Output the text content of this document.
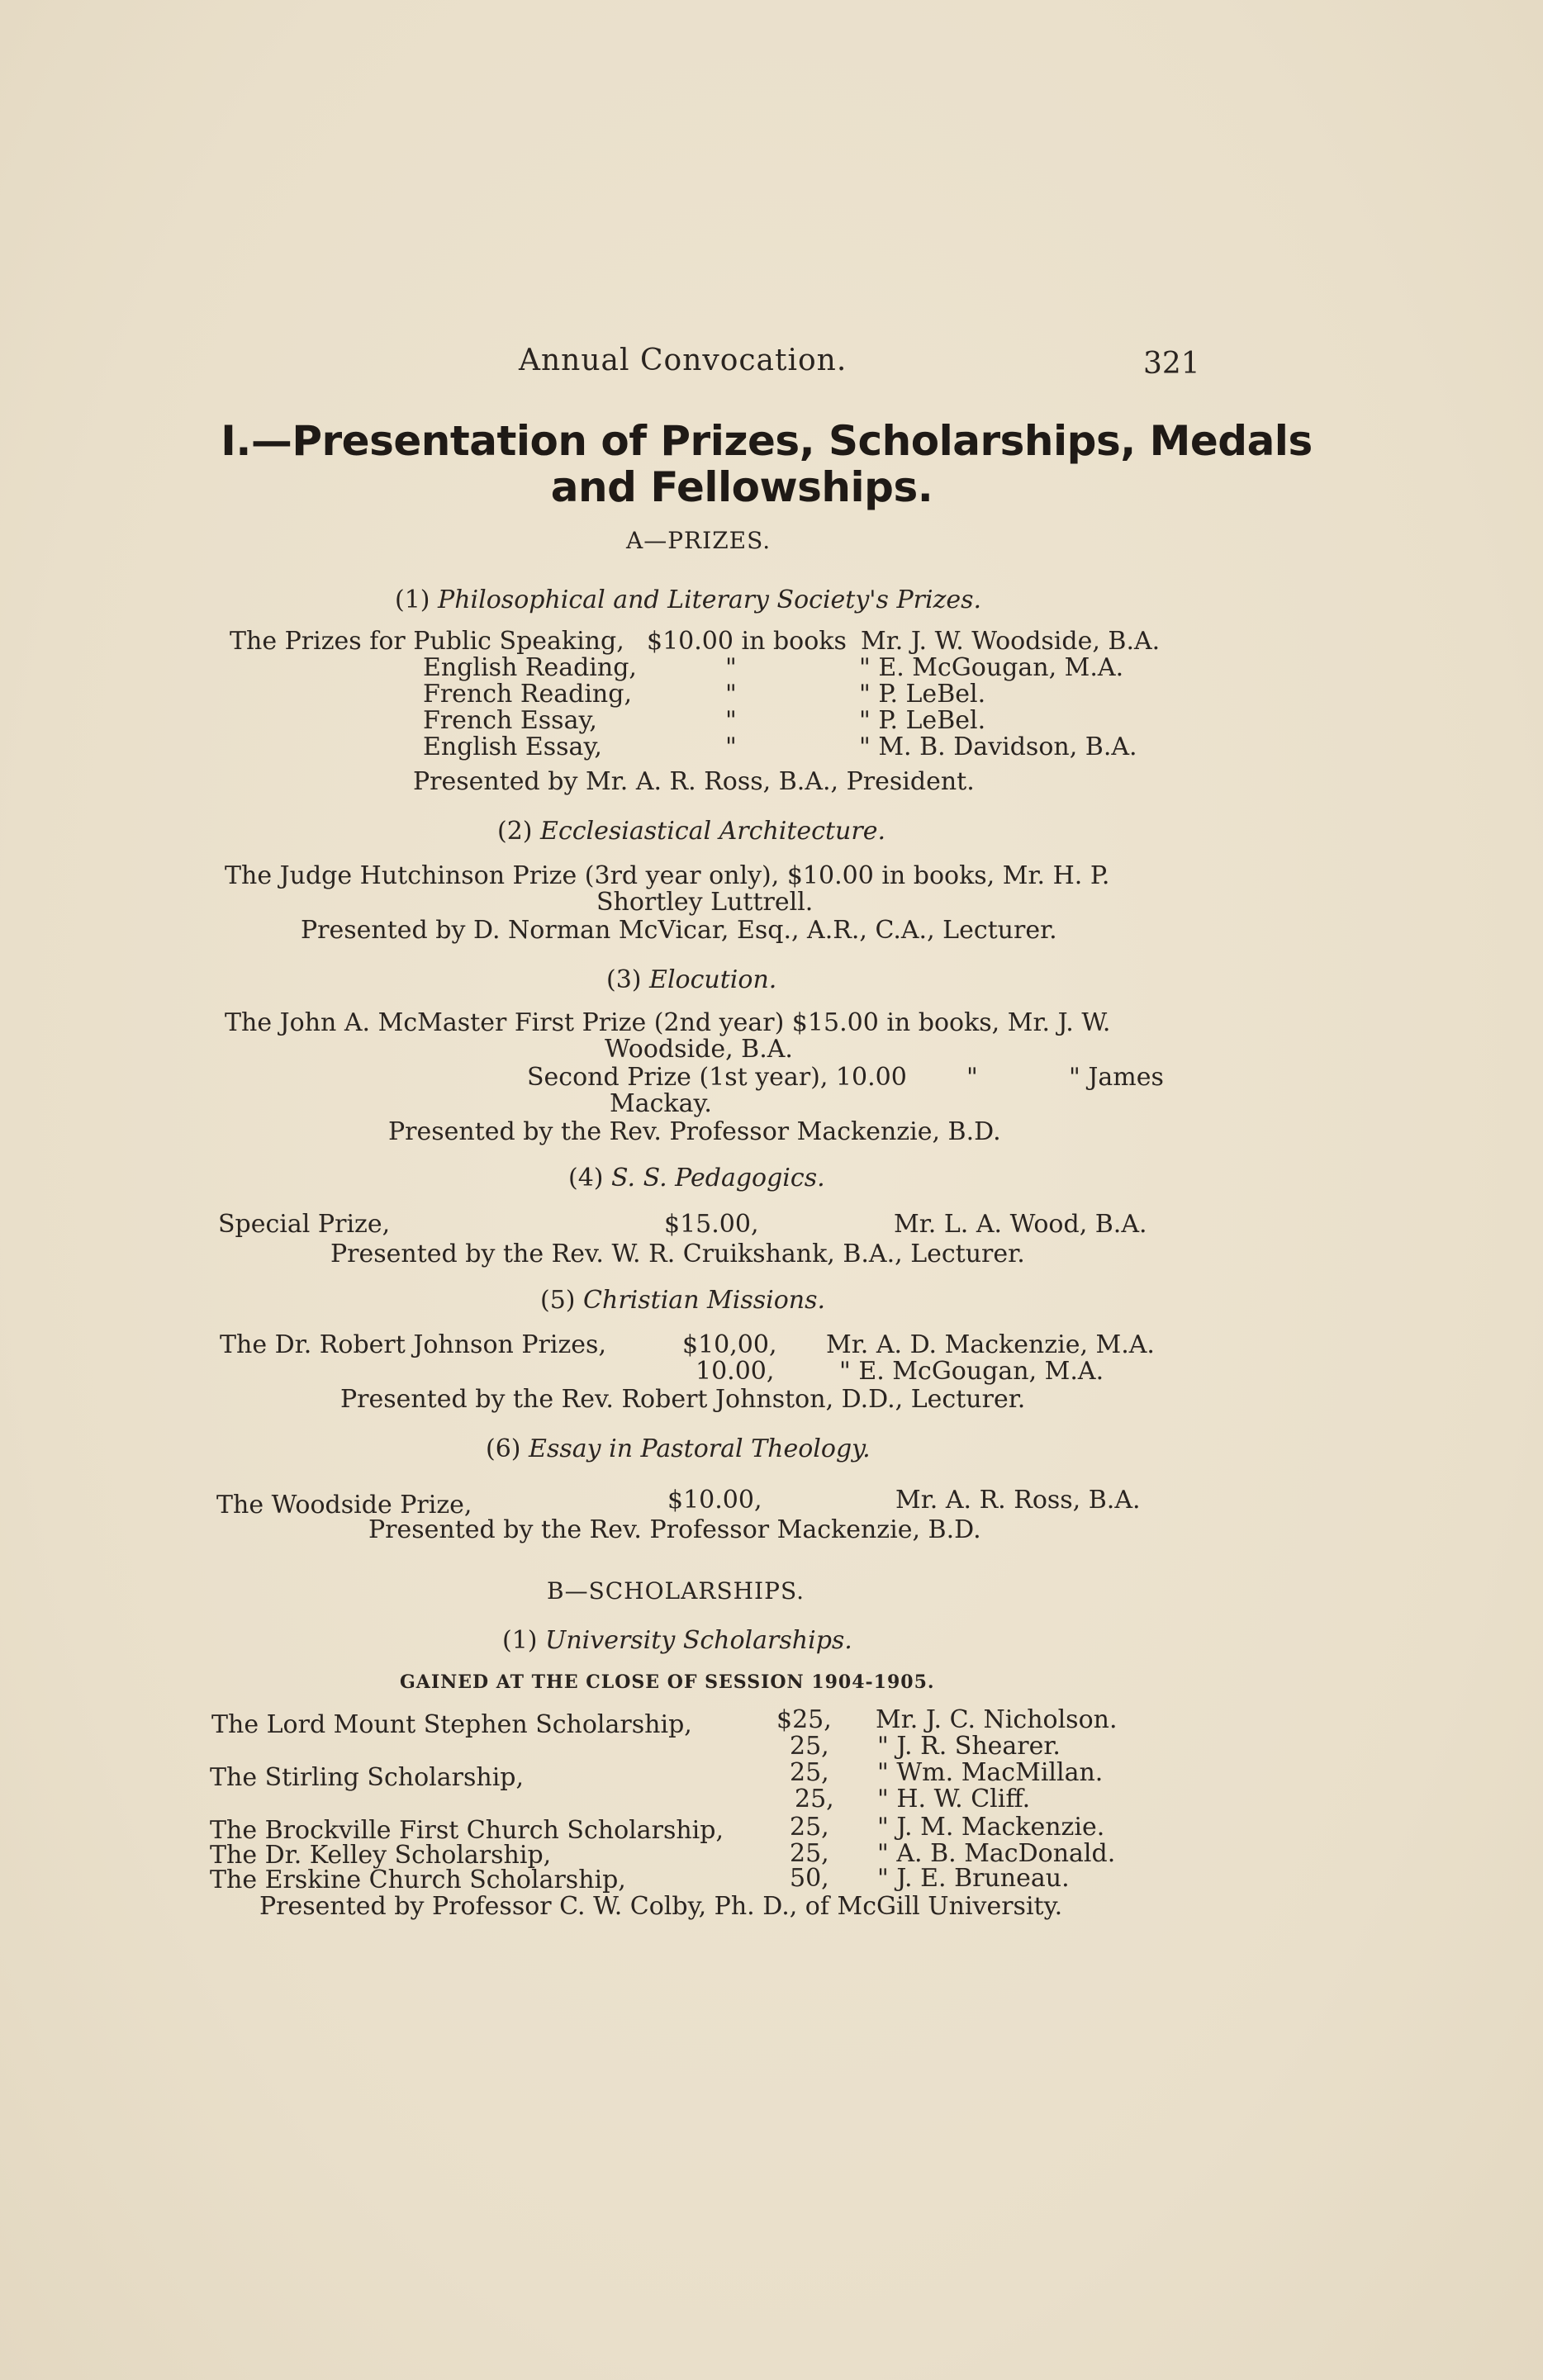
Annual Convocation.	321
I.—Presentation of Prizes, Scholarships, Medals
and Fellowships.
A—PRIZES.
(1) Philosophical and Literary Society's Prizes.
The Prizes for Public Speaking, $10.00 in books Mr. J. W. Woodside, B.A.
English Reading,	"	" E. McGougan, M.A.
French Reading,	"	" P. LeBel.
French Essay,	"	" P. LeBel.
English Essay,	"	" M. B. Davidson, B.A.
Presented by Mr. A. R. Ross, B.A., President.
(2) Ecclesiastical Architecture.
The Judge Hutchinson Prize (3rd year only), $10.00 in books, Mr. H. P.
Shortley Luttrell.
Presented by D. Norman McVicar, Esq., A.R., C.A., Lecturer.
(3) Elocution.
The John A. McMaster First Prize (2nd year) $15.00 in books, Mr. J. W.
Woodside, B.A.
Second Prize (1st year), 10.00 "	" James
Mackay.
Presented by the Rev. Professor Mackenzie, B.D.
(4) S. S. Pedagogics.
Special Prize,	$15.00,	Mr. L. A. Wood, B.A.
Presented by the Rev. W. R. Cruikshank, B.A., Lecturer.
(5) Christian Missions.
The Dr. Robert Johnson Prizes,	$10,00, Mr. A. D. Mackenzie, M.A.
10.00,	" E. McGougan, M.A.
Presented by the Rev. Robert Johnston, D.D., Lecturer.
(6) Essay in Pastoral Theology.
The Woodside Prize,	$10.00,	Mr. A. R. Ross, B.A.
Presented by the Rev. Professor Mackenzie, B.D.
B—SCHOLARSHIPS.
(1) University Scholarships.
GAINED AT THE CLOSE OF SESSION 1904-1905.
The Lord Mount Stephen Scholarship,	$25, Mr. J. C. Nicholson.
25, " J. R. Shearer.
The Stirling Scholarship,	25, " Wm. MacMillan.
25, " H. W. Cliff.
The Brockville First Church Scholarship,	25, " J. M. Mackenzie.
The Dr. Kelley Scholarship,	25, " A. B. MacDonald.
The Erskine Church Scholarship,	50, " J. E. Bruneau.
Presented by Professor C. W. Colby, Ph. D., of McGill University.
